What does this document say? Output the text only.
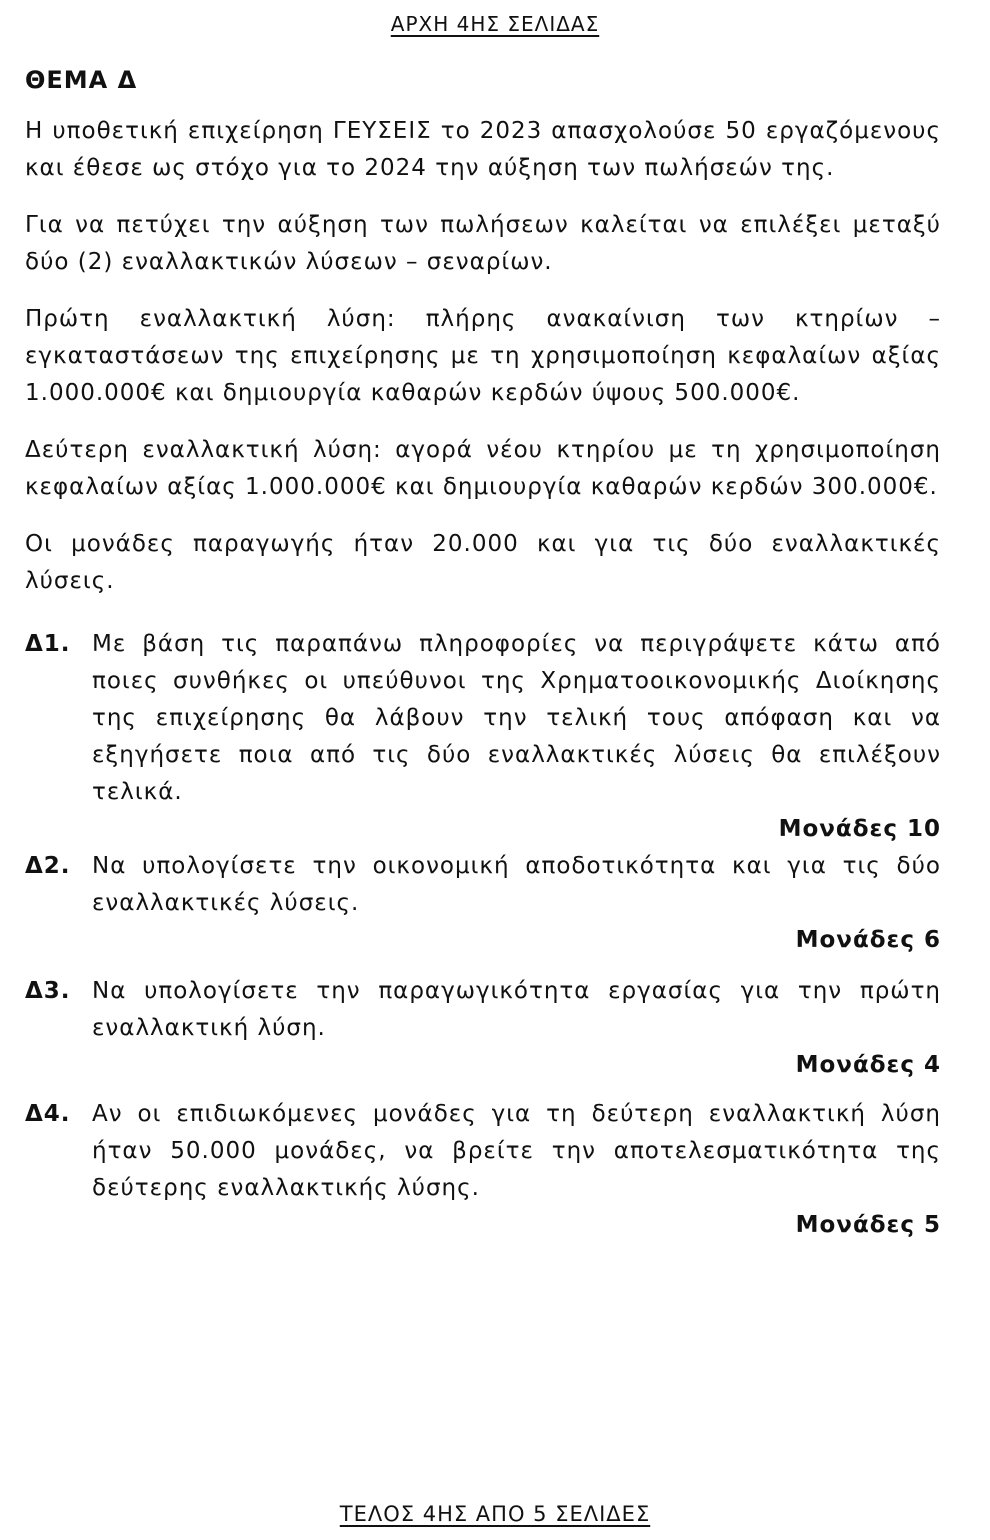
ΑΡΧΗ 4ΗΣ ΣΕΛΙΔΑΣ
ΘΕΜΑ Δ

Η υποθετική επιχείρηση ΓΕΥΣΕΙΣ το 2023 απασχολούσε 50 εργαζόμενους και έθεσε ως στόχο για το 2024 την αύξηση των πωλήσεών της.

Για να πετύχει την αύξηση των πωλήσεων καλείται να επιλέξει μεταξύ δύο (2) εναλλακτικών λύσεων – σεναρίων.

Πρώτη εναλλακτική λύση: πλήρης ανακαίνιση των κτηρίων – εγκαταστάσεων της επιχείρησης με τη χρησιμοποίηση κεφαλαίων αξίας 1.000.000€ και δημιουργία καθαρών κερδών ύψους 500.000€.

Δεύτερη εναλλακτική λύση: αγορά νέου κτηρίου με τη χρησιμοποίηση κεφαλαίων αξίας 1.000.000€ και δημιουργία καθαρών κερδών 300.000€.

Οι μονάδες παραγωγής ήταν 20.000 και για τις δύο εναλλακτικές λύσεις.

Δ1. Με βάση τις παραπάνω πληροφορίες να περιγράψετε κάτω από ποιες συνθήκες οι υπεύθυνοι της Χρηματοοικονομικής Διοίκησης της επιχείρησης θα λάβουν την τελική τους απόφαση και να εξηγήσετε ποια από τις δύο εναλλακτικές λύσεις θα επιλέξουν τελικά.
Μονάδες 10
Δ2. Να υπολογίσετε την οικονομική αποδοτικότητα και για τις δύο εναλλακτικές λύσεις.
Μονάδες 6
Δ3. Να υπολογίσετε την παραγωγικότητα εργασίας για την πρώτη εναλλακτική λύση.
Μονάδες 4
Δ4. Αν οι επιδιωκόμενες μονάδες για τη δεύτερη εναλλακτική λύση ήταν 50.000 μονάδες, να βρείτε την αποτελεσματικότητα της δεύτερης εναλλακτικής λύσης.
Μονάδες 5
ΤΕΛΟΣ 4ΗΣ ΑΠΟ 5 ΣΕΛΙΔΕΣ
